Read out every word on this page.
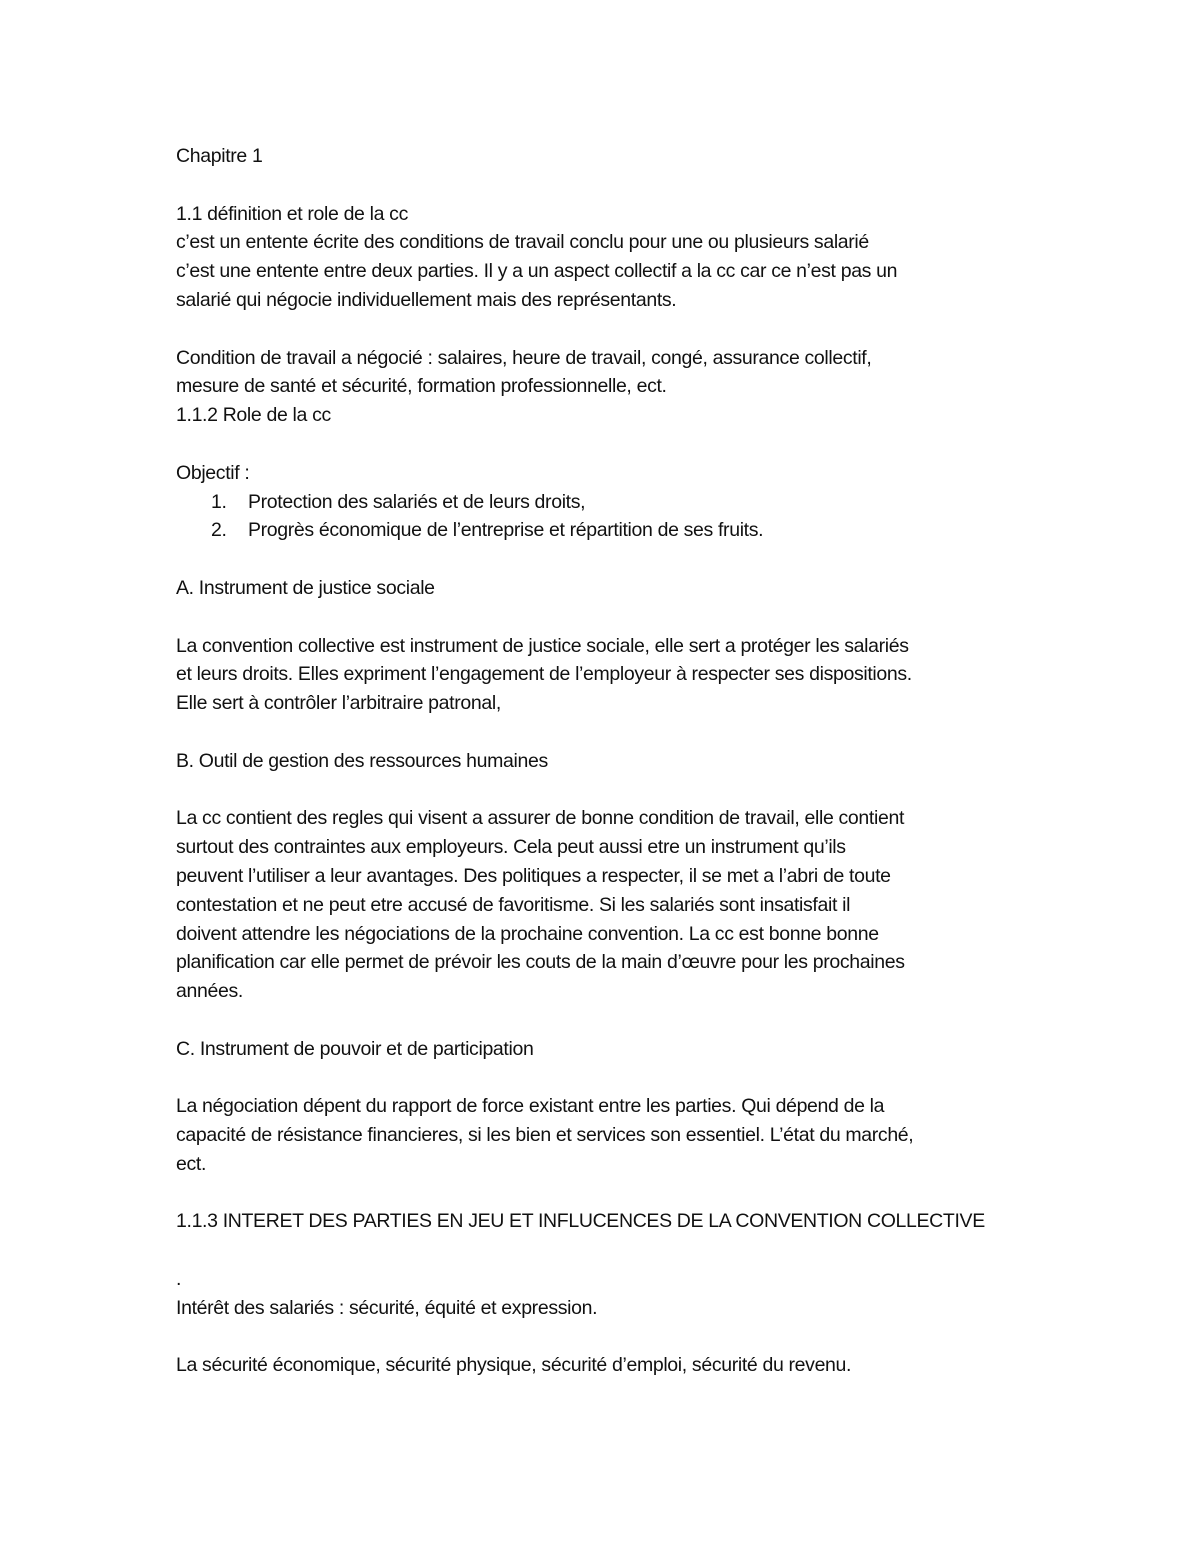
Chapitre 1

1.1 définition et role de la cc

c’est un entente écrite des conditions de travail conclu pour une ou plusieurs salarié

c’est une entente entre deux parties. Il y a un aspect collectif a la cc car ce n’est pas un

salarié qui négocie individuellement mais des représentants.

Condition de travail a négocié : salaires, heure de travail, congé, assurance collectif,

mesure de santé et sécurité, formation professionnelle, ect.

1.1.2 Role de la cc

Objectif :

1. Protection des salariés et de leurs droits,

2. Progrès économique de l’entreprise et répartition de ses fruits.

A. Instrument de justice sociale

La convention collective est instrument de justice sociale, elle sert a protéger les salariés

et leurs droits. Elles expriment l’engagement de l’employeur à respecter ses dispositions.

Elle sert à contrôler l’arbitraire patronal,

B. Outil de gestion des ressources humaines

La cc contient des regles qui visent a assurer de bonne condition de travail, elle contient

surtout des contraintes aux employeurs. Cela peut aussi etre un instrument qu’ils

peuvent l’utiliser a leur avantages. Des politiques a respecter, il se met a l’abri de toute

contestation et ne peut etre accusé de favoritisme. Si les salariés sont insatisfait il

doivent attendre les négociations de la prochaine convention. La cc est bonne bonne

planification car elle permet de prévoir les couts de la main d’œuvre pour les prochaines

années.

C. Instrument de pouvoir et de participation

La négociation dépent du rapport de force existant entre les parties. Qui dépend de la

capacité de résistance financieres, si les bien et services son essentiel. L’état du marché,

ect.

1.1.3 INTERET DES PARTIES EN JEU ET INFLUCENCES DE LA CONVENTION COLLECTIVE

.

Intérêt des salariés : sécurité, équité et expression.

La sécurité économique, sécurité physique, sécurité d’emploi, sécurité du revenu.
